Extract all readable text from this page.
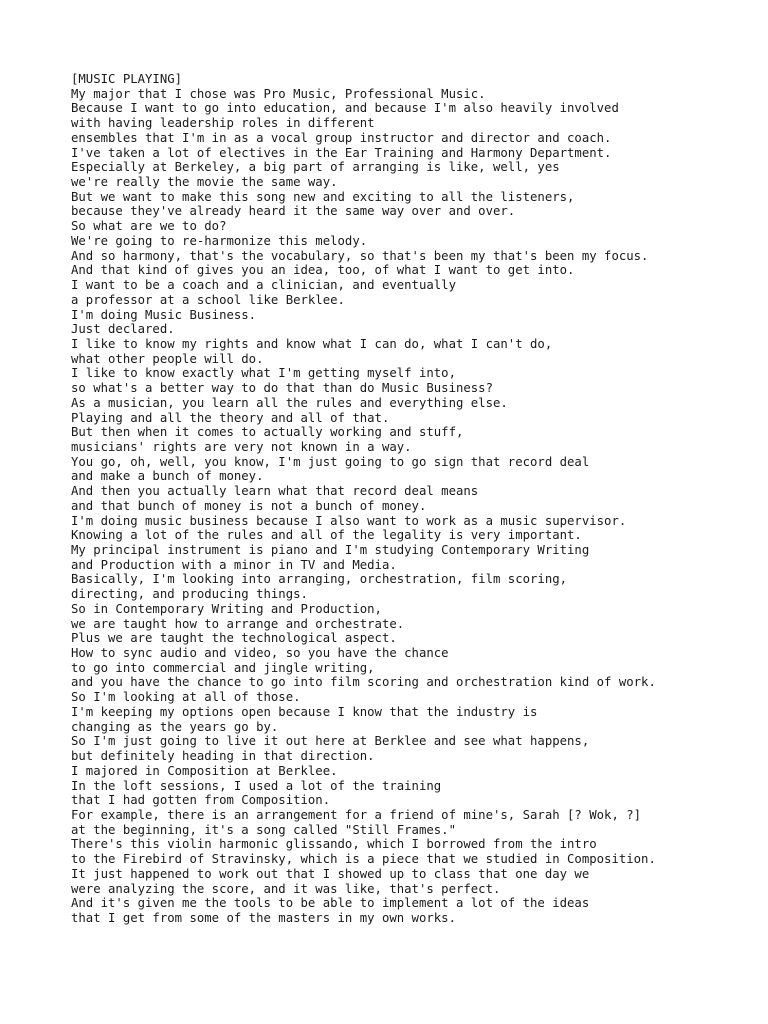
[MUSIC PLAYING]
My major that I chose was Pro Music, Professional Music.
Because I want to go into education, and because I'm also heavily involved
with having leadership roles in different
ensembles that I'm in as a vocal group instructor and director and coach.
I've taken a lot of electives in the Ear Training and Harmony Department.
Especially at Berkeley, a big part of arranging is like, well, yes
we're really the movie the same way.
But we want to make this song new and exciting to all the listeners,
because they've already heard it the same way over and over.
So what are we to do?
We're going to re-harmonize this melody.
And so harmony, that's the vocabulary, so that's been my that's been my focus.
And that kind of gives you an idea, too, of what I want to get into.
I want to be a coach and a clinician, and eventually
a professor at a school like Berklee.
I'm doing Music Business.
Just declared.
I like to know my rights and know what I can do, what I can't do,
what other people will do.
I like to know exactly what I'm getting myself into,
so what's a better way to do that than do Music Business?
As a musician, you learn all the rules and everything else.
Playing and all the theory and all of that.
But then when it comes to actually working and stuff,
musicians' rights are very not known in a way.
You go, oh, well, you know, I'm just going to go sign that record deal
and make a bunch of money.
And then you actually learn what that record deal means
and that bunch of money is not a bunch of money.
I'm doing music business because I also want to work as a music supervisor.
Knowing a lot of the rules and all of the legality is very important.
My principal instrument is piano and I'm studying Contemporary Writing
and Production with a minor in TV and Media.
Basically, I'm looking into arranging, orchestration, film scoring,
directing, and producing things.
So in Contemporary Writing and Production,
we are taught how to arrange and orchestrate.
Plus we are taught the technological aspect.
How to sync audio and video, so you have the chance
to go into commercial and jingle writing,
and you have the chance to go into film scoring and orchestration kind of work.
So I'm looking at all of those.
I'm keeping my options open because I know that the industry is
changing as the years go by.
So I'm just going to live it out here at Berklee and see what happens,
but definitely heading in that direction.
I majored in Composition at Berklee.
In the loft sessions, I used a lot of the training
that I had gotten from Composition.
For example, there is an arrangement for a friend of mine's, Sarah [? Wok, ?]
at the beginning, it's a song called "Still Frames."
There's this violin harmonic glissando, which I borrowed from the intro
to the Firebird of Stravinsky, which is a piece that we studied in Composition.
It just happened to work out that I showed up to class that one day we
were analyzing the score, and it was like, that's perfect.
And it's given me the tools to be able to implement a lot of the ideas
that I get from some of the masters in my own works.
